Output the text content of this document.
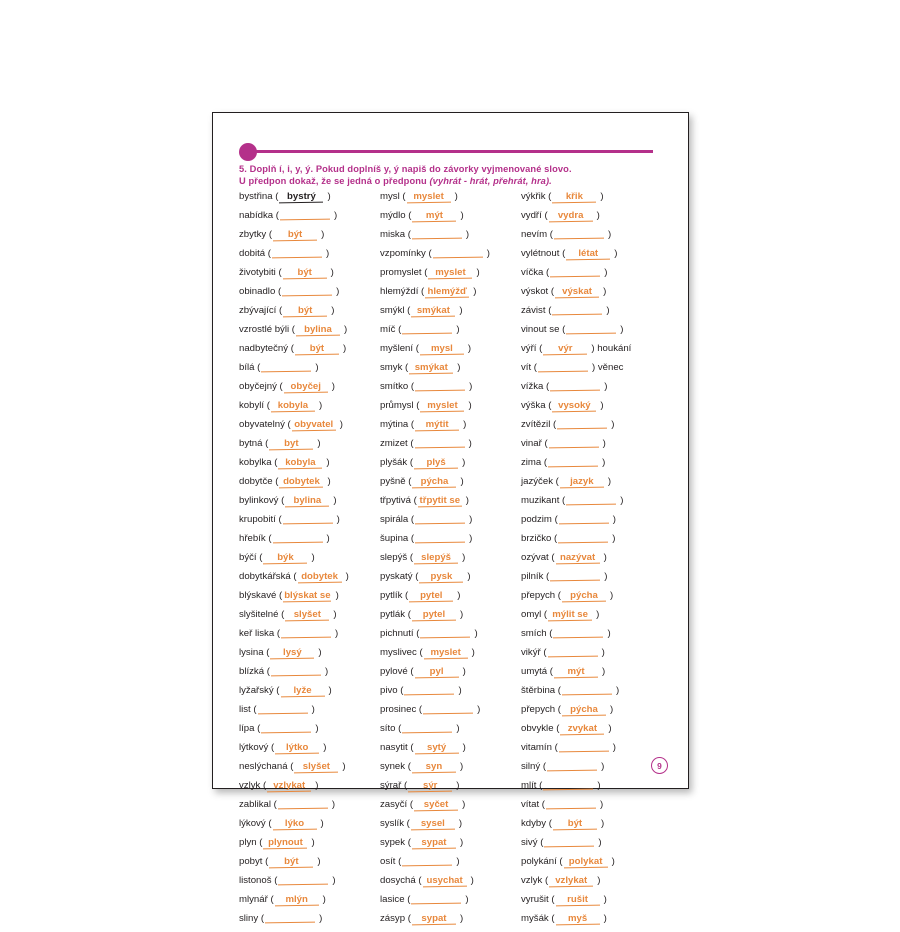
5. Doplň í, i, y, ý. Pokud doplníš y, ý napiš do závorky vyjmenované slovo.
U předpon dokaž, že se jedná o předponu (vyhrát - hrát, přehrát, hra).
bystřina ( bystrý	)
nabídka (	)
zbytky (	být	)
dobitá (	)
životybiti (	být	)
obinadlo (	)
zbývající (	být	)
vzrostlé býli ( bylina	)
nadbytečný (	být	)
bílá (	)
obyčejný ( obyčej	)
kobylí ( kobyla	)
obyvatelný ( obyvatel )
bytná (	byt	)
kobylka ( kobyla	)
dobytče ( dobytek )
bylinkový ( bylina	)
krupobití (	)
hřebík (	)
býčí (	býk	)
dobytkářská ( dobytek )
blýskavé ( blýskat se )
slyšitelné ( slyšet	)
keř liska (	)
lysina (	lysý	)
blízká (	)
lyžařský (	lyže	)
list (	)
lípa (	)
lýtkový (	lýtko	)
neslýchaná ( slyšet	)
vzlyk ( vzlykat	)
zablikal (	)
lýkový (	lýko	)
plyn ( plynout )
pobyt (	být	)
listonoš (	)
mlynář (	mlýn	)
sliny (	)
mysl ( myslet	)
mýdlo (	mýt	)
miska (	)
vzpomínky (	)
promyslet ( myslet	)
hlemýždí ( hlemýžď )
smýkl ( smýkat )
míč (	)
myšlení (	mysl	)
smyk ( smýkat )
smítko (	)
průmysl ( myslet	)
mýtina (	mýtit	)
zmizet (	)
plyšák (	plyš	)
pyšně ( pýcha	)
třpytivá ( třpytit se )
spirála (	)
šupina (	)
slepýš ( slepýš	)
pyskatý (	pysk	)
pytlík (	pytel	)
pytlák (	pytel	)
pichnutí (	)
myslivec ( myslet	)
pylové (	pyl	)
pivo (	)
prosinec (	)
síto (	)
nasytit (	sytý	)
synek (	syn	)
sýrař (	sýr	)
zasyčí (	syčet	)
syslík (	sysel	)
sypek (	sypat	)
osít (	)
dosychá ( usychat )
lasice (	)
zásyp (	sypat	)
výkřik (	křik	)
vydří (	vydra	)
nevím (	)
vylétnout (	létat	)
víčka (	)
výskot ( výskat	)
závist (	)
vinout se (	)
výří (	výr	) houkání
vít (	) věnec
vížka (	)
výška ( vysoký	)
zvítězil (	)
vinař (	)
zima (	)
jazýček (	jazyk	)
muzikant (	)
podzim (	)
brzičko (	)
ozývat ( nazývat )
pilník (	)
přepych ( pýcha	)
omyl ( mýlit se )
smích (	)
vikýř (	)
umytá (	mýt	)
štěrbina (	)
přepych ( pýcha	)
obvykle ( zvykat	)
vitamín (	)
silný (	)
mlít (	)
vítat (	)
kdyby (	být	)
sivý (	)
polykání ( polykat )
vzlyk ( vzlykat	)
vyrušit (	rušit	)
myšák (	myš	)
9
